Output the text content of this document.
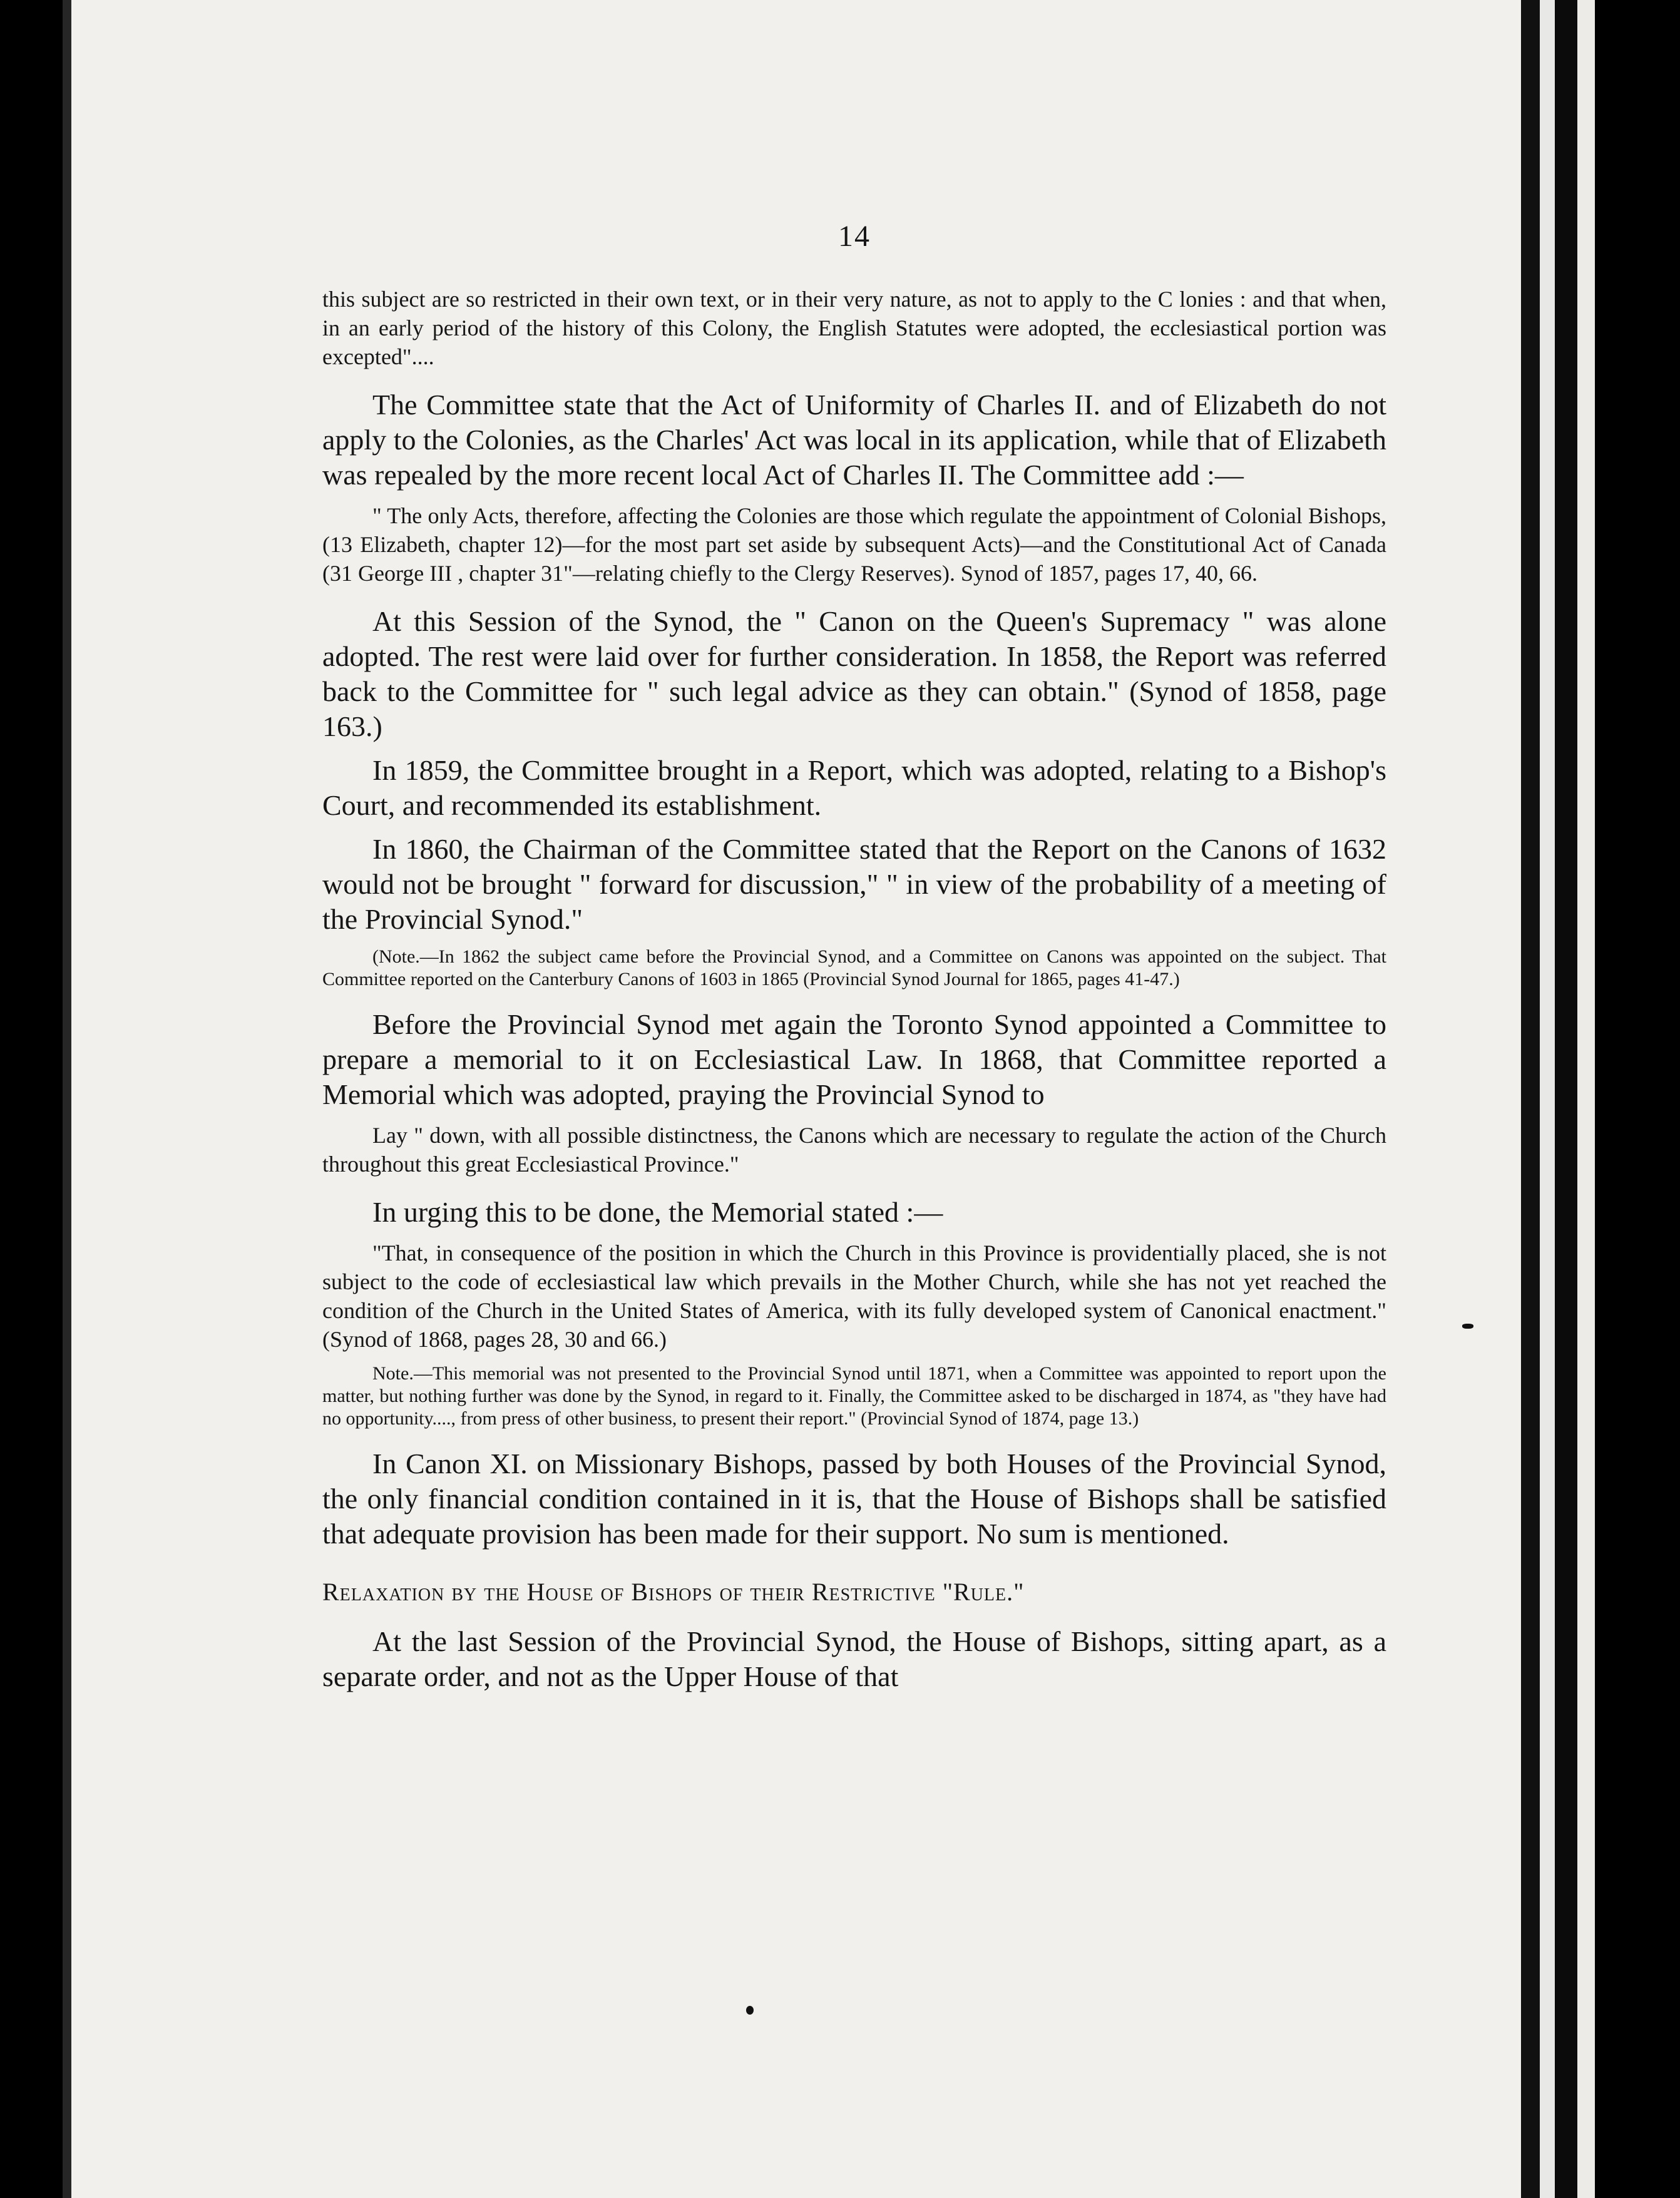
14

this subject are so restricted in their own text, or in their very nature, as not to apply to the C lonies : and that when, in an early period of the history of this Colony, the English Statutes were adopted, the ecclesiastical portion was excepted"....

The Committee state that the Act of Uniformity of Charles II. and of Elizabeth do not apply to the Colonies, as the Charles' Act was local in its application, while that of Elizabeth was repealed by the more recent local Act of Charles II. The Committee add :—

" The only Acts, therefore, affecting the Colonies are those which regulate the appointment of Colonial Bishops, (13 Elizabeth, chapter 12)—for the most part set aside by subsequent Acts)—and the Constitutional Act of Canada (31 George III , chapter 31"—relating chiefly to the Clergy Reserves). Synod of 1857, pages 17, 40, 66.

At this Session of the Synod, the " Canon on the Queen's Supremacy " was alone adopted. The rest were laid over for further consideration. In 1858, the Report was referred back to the Committee for " such legal advice as they can obtain." (Synod of 1858, page 163.)

In 1859, the Committee brought in a Report, which was adopted, relating to a Bishop's Court, and recommended its establishment.

In 1860, the Chairman of the Committee stated that the Report on the Canons of 1632 would not be brought " forward for discussion," " in view of the probability of a meeting of the Provincial Synod."

(Note.—In 1862 the subject came before the Provincial Synod, and a Committee on Canons was appointed on the subject. That Committee reported on the Canterbury Canons of 1603 in 1865 (Provincial Synod Journal for 1865, pages 41-47.)

Before the Provincial Synod met again the Toronto Synod appointed a Committee to prepare a memorial to it on Ecclesiastical Law. In 1868, that Committee reported a Memorial which was adopted, praying the Provincial Synod to

Lay " down, with all possible distinctness, the Canons which are necessary to regulate the action of the Church throughout this great Ecclesiastical Province."

In urging this to be done, the Memorial stated :—

"That, in consequence of the position in which the Church in this Province is providentially placed, she is not subject to the code of ecclesiastical law which prevails in the Mother Church, while she has not yet reached the condition of the Church in the United States of America, with its fully developed system of Canonical enactment." (Synod of 1868, pages 28, 30 and 66.)

Note.—This memorial was not presented to the Provincial Synod until 1871, when a Committee was appointed to report upon the matter, but nothing further was done by the Synod, in regard to it. Finally, the Committee asked to be discharged in 1874, as "they have had no opportunity...., from press of other business, to present their report." (Provincial Synod of 1874, page 13.)

In Canon XI. on Missionary Bishops, passed by both Houses of the Provincial Synod, the only financial condition contained in it is, that the House of Bishops shall be satisfied that adequate provision has been made for their support. No sum is mentioned.

Relaxation by the House of Bishops of their Restrictive "Rule."

At the last Session of the Provincial Synod, the House of Bishops, sitting apart, as a separate order, and not as the Upper House of that
